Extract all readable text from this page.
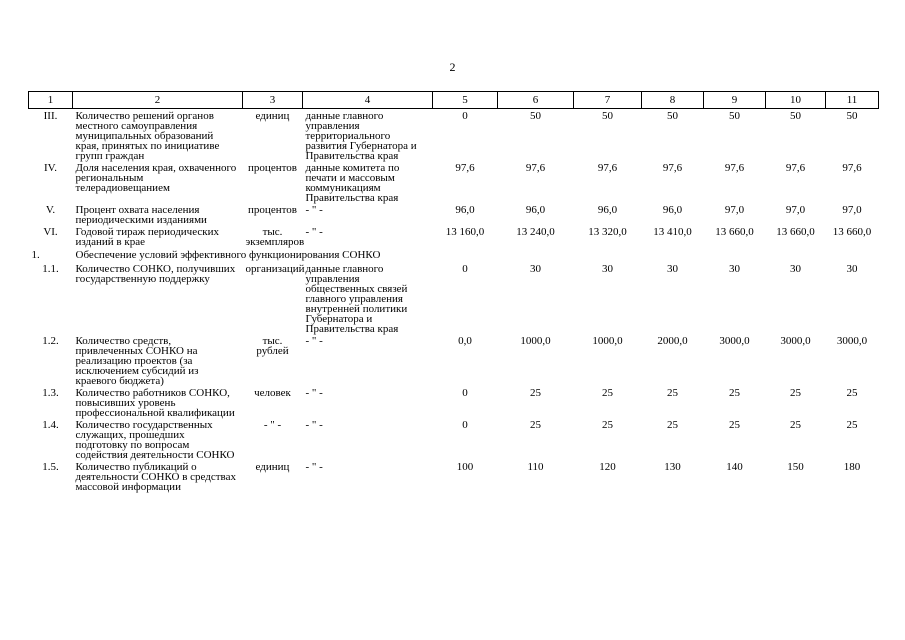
2
1	2	3	4	5	6	7	8	9	10	11
III.	Количество решений органов местного самоуправления муниципальных образований края, принятых по инициативе групп граждан	единиц	данные главного управления территориального развития Губернатора и Правительства края	0	50	50	50	50	50	50
IV.	Доля населения края, охваченного региональным телерадиовещанием	процентов	данные комитета по печати и массовым коммуникациям Правительства края	97,6	97,6	97,6	97,6	97,6	97,6	97,6
V.	Процент охвата населения периодическими изданиями	процентов	- " -	96,0	96,0	96,0	96,0	97,0	97,0	97,0
VI.	Годовой тираж периодических изданий в крае	тыс. экземпляров	- " -	13 160,0	13 240,0	13 320,0	13 410,0	13 660,0	13 660,0	13 660,0
1.	Обеспечение условий эффективного функционирования СОНКО									
1.1.	Количество СОНКО, получивших государственную поддержку	организаций	данные главного управления общественных связей главного управления внутренней политики Губернатора и Правительства края	0	30	30	30	30	30	30
1.2.	Количество средств, привлеченных СОНКО на реализацию проектов (за исключением субсидий из краевого бюджета)	тыс. рублей	- " -	0,0	1000,0	1000,0	2000,0	3000,0	3000,0	3000,0
1.3.	Количество работников СОНКО, повысивших уровень профессиональной квалификации	человек	- " -	0	25	25	25	25	25	25
1.4.	Количество государственных служащих, прошедших подготовку по вопросам содействия деятельности СОНКО	- " -	- " -	0	25	25	25	25	25	25
1.5.	Количество публикаций о деятельности СОНКО в средствах массовой информации	единиц	- " -	100	110	120	130	140	150	180
